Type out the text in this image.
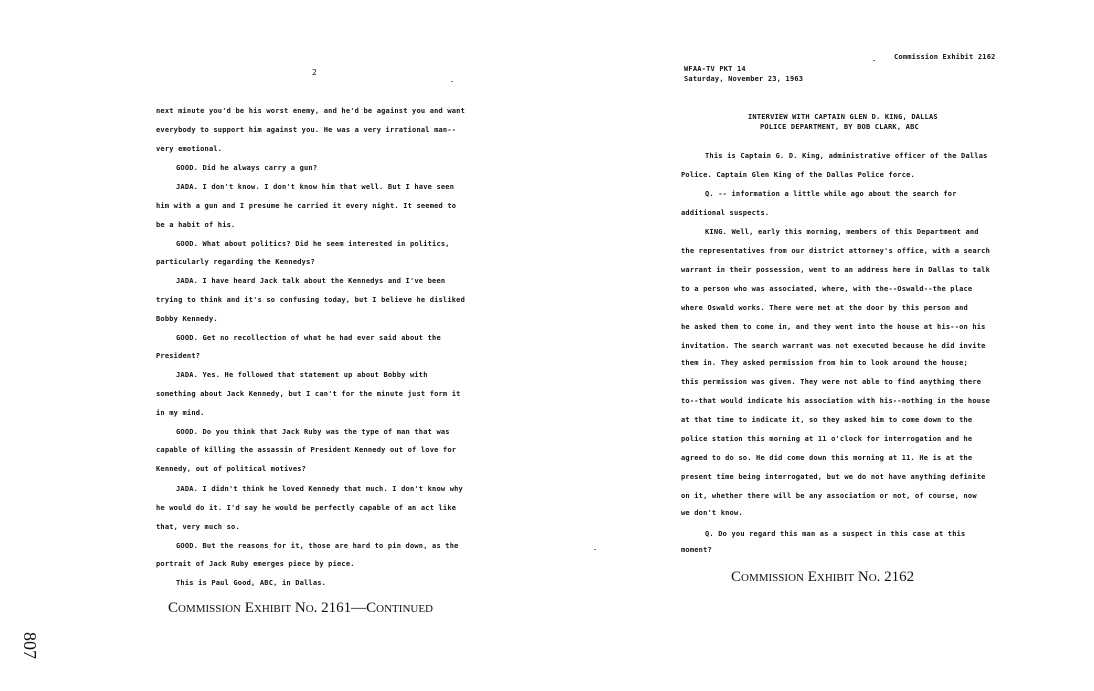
2
next minute you'd be his worst enemy, and he'd be against you and want
everybody to support him against you. He was a very irrational man--
very emotional.
GOOD. Did he always carry a gun?
JADA. I don't know. I don't know him that well. But I have seen
him with a gun and I presume he carried it every night. It seemed to
be a habit of his.
GOOD. What about politics? Did he seem interested in politics,
particularly regarding the Kennedys?
JADA. I have heard Jack talk about the Kennedys and I've been
trying to think and it's so confusing today, but I believe he disliked
Bobby Kennedy.
GOOD. Get no recollection of what he had ever said about the
President?
JADA. Yes. He followed that statement up about Bobby with
something about Jack Kennedy, but I can't for the minute just form it
in my mind.
GOOD. Do you think that Jack Ruby was the type of man that was
capable of killing the assassin of President Kennedy out of love for
Kennedy, out of political motives?
JADA. I didn't think he loved Kennedy that much. I don't know why
he would do it. I'd say he would be perfectly capable of an act like
that, very much so.
GOOD. But the reasons for it, those are hard to pin down, as the
portrait of Jack Ruby emerges piece by piece.
This is Paul Good, ABC, in Dallas.
Commission Exhibit No. 2161—Continued
807
Commission Exhibit 2162
WFAA-TV PKT 14
Saturday, November 23, 1963
INTERVIEW WITH CAPTAIN GLEN D. KING, DALLAS
POLICE DEPARTMENT, BY BOB CLARK, ABC
This is Captain G. D. King, administrative officer of the Dallas
Police. Captain Glen King of the Dallas Police force.
Q. -- information a little while ago about the search for
additional suspects.
KING. Well, early this morning, members of this Department and
the representatives from our district attorney's office, with a search
warrant in their possession, went to an address here in Dallas to talk
to a person who was associated, where, with the--Oswald--the place
where Oswald works. There were met at the door by this person and
he asked them to come in, and they went into the house at his--on his
invitation. The search warrant was not executed because he did invite
them in. They asked permission from him to look around the house;
this permission was given. They were not able to find anything there
to--that would indicate his association with his--nothing in the house
at that time to indicate it, so they asked him to come down to the
police station this morning at 11 o'clock for interrogation and he
agreed to do so. He did come down this morning at 11. He is at the
present time being interrogated, but we do not have anything definite
on it, whether there will be any association or not, of course, now
we don't know.
Q. Do you regard this man as a suspect in this case at this
moment?
Commission Exhibit No. 2162
